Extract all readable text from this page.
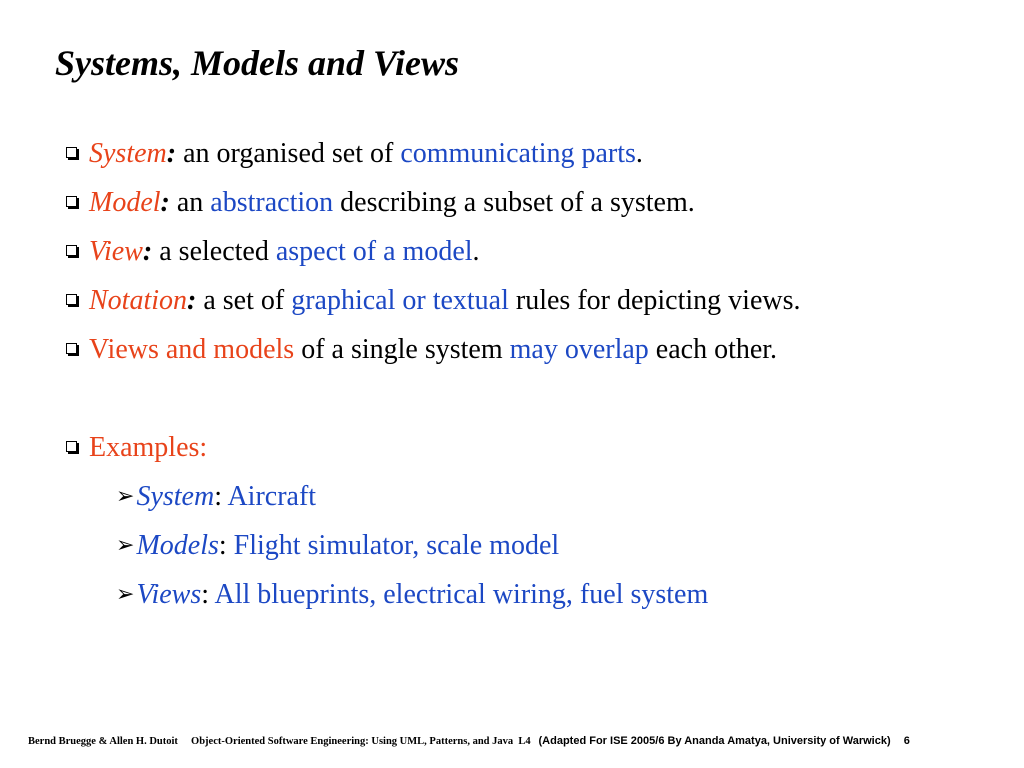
Systems, Models and Views
System: an organised set of communicating parts.
Model: an abstraction describing a subset of a system.
View: a selected aspect of a model.
Notation: a set of graphical or textual rules for depicting views.
Views and models of a single system may overlap each other.
Examples:
➢System: Aircraft
➢Models: Flight simulator, scale model
➢Views: All blueprints, electrical wiring, fuel system
Bernd Bruegge & Allen H. Dutoit Object-Oriented Software Engineering: Using UML, Patterns, and Java L4 (Adapted For ISE 2005/6 By Ananda Amatya, University of Warwick) 6
